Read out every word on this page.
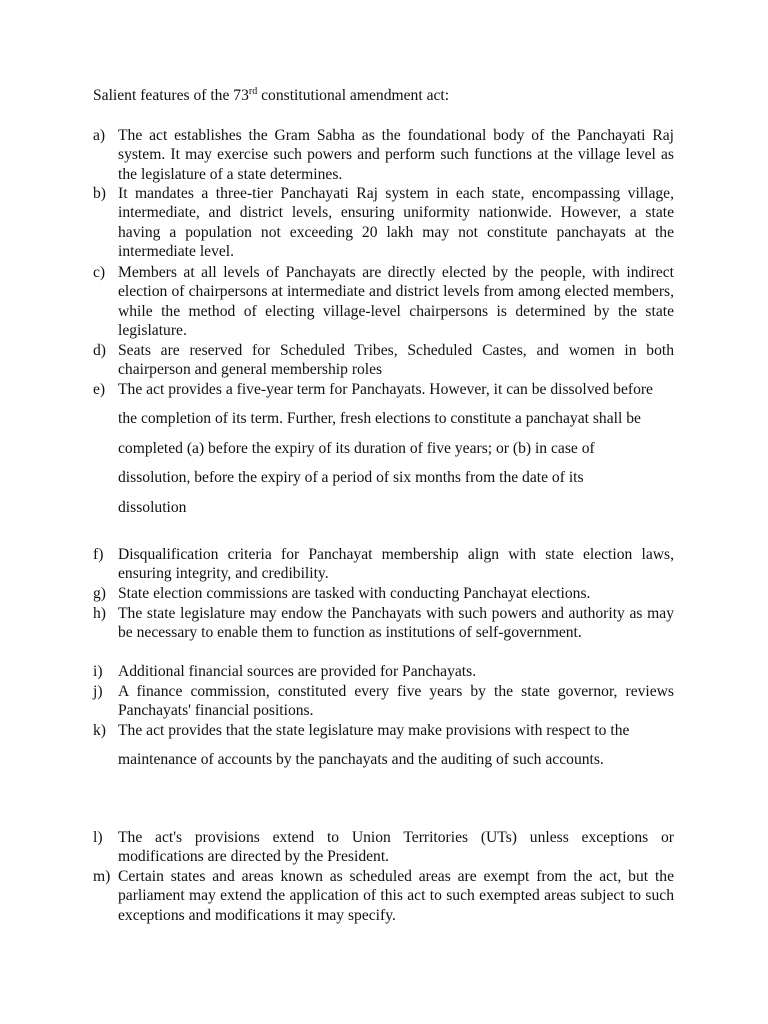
Salient features of the 73rd constitutional amendment act:
a) The act establishes the Gram Sabha as the foundational body of the Panchayati Raj system. It may exercise such powers and perform such functions at the village level as the legislature of a state determines.
b) It mandates a three-tier Panchayati Raj system in each state, encompassing village, intermediate, and district levels, ensuring uniformity nationwide. However, a state having a population not exceeding 20 lakh may not constitute panchayats at the intermediate level.
c) Members at all levels of Panchayats are directly elected by the people, with indirect election of chairpersons at intermediate and district levels from among elected members, while the method of electing village-level chairpersons is determined by the state legislature.
d) Seats are reserved for Scheduled Tribes, Scheduled Castes, and women in both chairperson and general membership roles
e) The act provides a five-year term for Panchayats. However, it can be dissolved before the completion of its term. Further, fresh elections to constitute a panchayat shall be completed (a) before the expiry of its duration of five years; or (b) in case of dissolution, before the expiry of a period of six months from the date of its dissolution
f) Disqualification criteria for Panchayat membership align with state election laws, ensuring integrity, and credibility.
g) State election commissions are tasked with conducting Panchayat elections.
h) The state legislature may endow the Panchayats with such powers and authority as may be necessary to enable them to function as institutions of self-government.
i) Additional financial sources are provided for Panchayats.
j) A finance commission, constituted every five years by the state governor, reviews Panchayats' financial positions.
k) The act provides that the state legislature may make provisions with respect to the maintenance of accounts by the panchayats and the auditing of such accounts.
l) The act's provisions extend to Union Territories (UTs) unless exceptions or modifications are directed by the President.
m) Certain states and areas known as scheduled areas are exempt from the act, but the parliament may extend the application of this act to such exempted areas subject to such exceptions and modifications it may specify.
